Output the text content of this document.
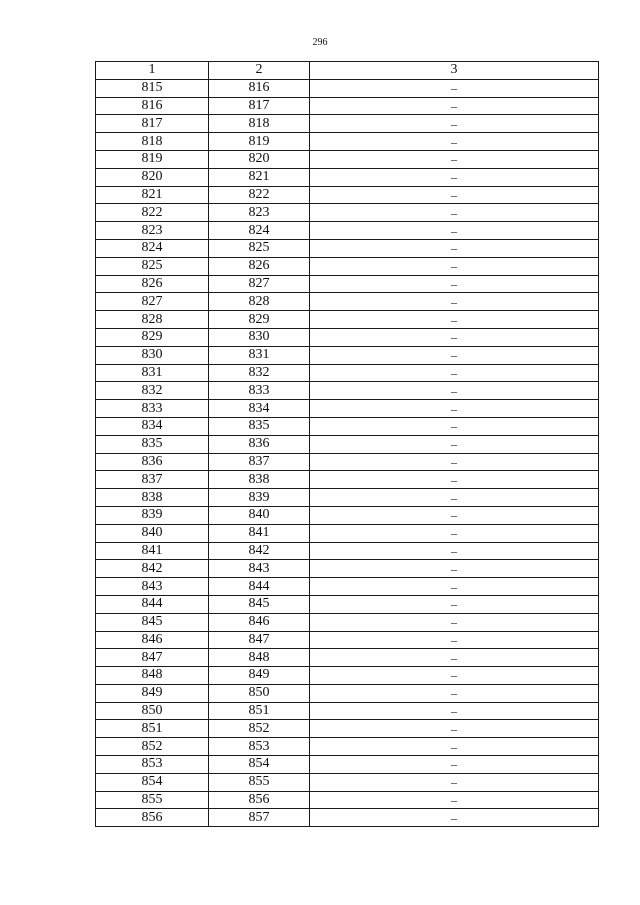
296
1	2	3
815	816	–
816	817	–
817	818	–
818	819	–
819	820	–
820	821	–
821	822	–
822	823	–
823	824	–
824	825	–
825	826	–
826	827	–
827	828	–
828	829	–
829	830	–
830	831	–
831	832	–
832	833	–
833	834	–
834	835	–
835	836	–
836	837	–
837	838	–
838	839	–
839	840	–
840	841	–
841	842	–
842	843	–
843	844	–
844	845	–
845	846	–
846	847	–
847	848	–
848	849	–
849	850	–
850	851	–
851	852	–
852	853	–
853	854	–
854	855	–
855	856	–
856	857	–
